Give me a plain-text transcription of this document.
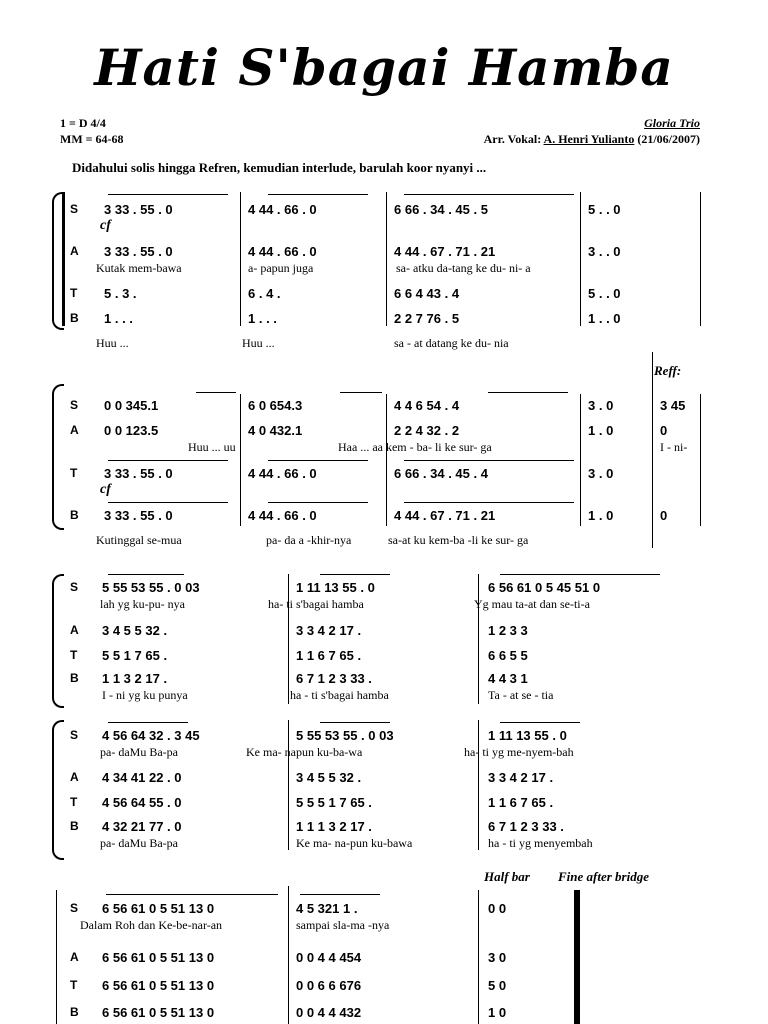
Hati S'bagai Hamba
1 = D 4/4
MM = 64-68
Gloria Trio
Arr. Vokal: A. Henri Yulianto (21/06/2007)
Didahului solis hingga Refren, kemudian interlude, barulah koor nyanyi ...
S 3 33 . 55 . 0	4 44 . 66 . 0	6 66 . 34 . 45 . 5	5 . . 0
cf
A 3 33 . 55 . 0	4 44 . 66 . 0	4 44 . 67 . 71 . 21	3 . . 0
Kutak mem-bawa	a- papun juga	sa- atku da-tang ke du- ni- a
T 5 . 3 .	6 . 4 .	6 6 4 43 . 4	5 . . 0
B 1 . . .	1 . . .	2 2 7 76 . 5	1 . . 0
Huu ...	Huu ...	sa - at datang ke du- nia
Reff:
S 0 0 345.1	6 0 654.3	4 4 6 54 . 4	3 . 0	3 45
A 0 0 123.5	4 0 432.1	2 2 4 32 . 2	1 . 0	0
Huu ... uu	Haa ... aa kem - ba- li ke sur- ga	I - ni-
T 3 33 . 55 . 0	4 44 . 66 . 0	6 66 . 34 . 45 . 4	3 . 0
cf
B 3 33 . 55 . 0	4 44 . 66 . 0	4 44 . 67 . 71 . 21	1 . 0	0
Kutinggal se-mua	pa- da a -khir-nya	sa-at ku kem-ba -li ke sur- ga
S 5 55 53 55 . 0 03	1 11 13 55 . 0	6 56 61 0 5 45 51 0
lah yg ku-pu- nya	ha- ti s'bagai hamba	Yg mau ta-at dan se-ti-a
A 3 4 5 5 32 .	3 3 4 2 17 .	1 2 3 3
T 5 5 1 7 65 .	1 1 6 7 65 .	6 6 5 5
B 1 1 3 2 17 .	6 7 1 2 3 33 .	4 4 3 1
I - ni yg ku punya	ha - ti s'bagai hamba	Ta - at se - tia
S 4 56 64 32 . 3 45	5 55 53 55 . 0 03	1 11 13 55 . 0
pa- daMu Ba-pa	Ke ma- napun ku-ba-wa	ha- ti yg me-nyem-bah
A 4 34 41 22 . 0	3 4 5 5 32 .	3 3 4 2 17 .
T 4 56 64 55 . 0	5 5 5 1 7 65 .	1 1 6 7 65 .
B 4 32 21 77 . 0	1 1 1 3 2 17 .	6 7 1 2 3 33 .
pa- daMu Ba-pa	Ke ma- na-pun ku-bawa	ha - ti yg menyembah
Half bar Fine after bridge
S 6 56 61 0 5 51 13 0	4 5 321 1 .	0 0
Dalam Roh dan Ke-be-nar-an	sampai sla-ma -nya
A 6 56 61 0 5 51 13 0	0 0 4 4 454	3 0
T 6 56 61 0 5 51 13 0	0 0 6 6 676	5 0
B 6 56 61 0 5 51 13 0	0 0 4 4 432	1 0
